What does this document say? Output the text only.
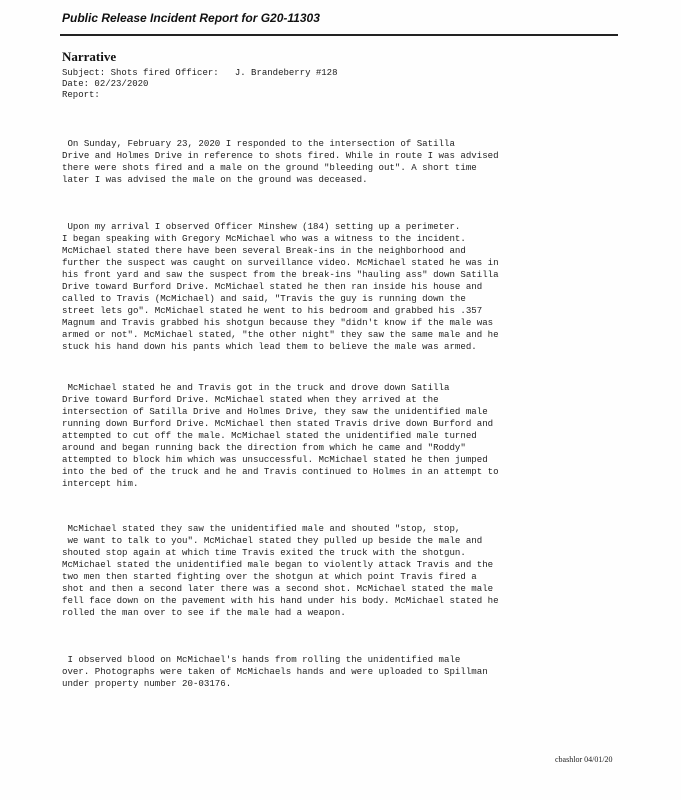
Public Release Incident Report for G20-11303
Narrative
Subject: Shots fired Officer: J. Brandeberry #128
Date: 02/23/2020
Report:
On Sunday, February 23, 2020 I responded to the intersection of Satilla
Drive and Holmes Drive in reference to shots fired. While in route I was advised
there were shots fired and a male on the ground "bleeding out". A short time
later I was advised the male on the ground was deceased.
Upon my arrival I observed Officer Minshew (184) setting up a perimeter.
I began speaking with Gregory McMichael who was a witness to the incident.
McMichael stated there have been several Break-ins in the neighborhood and
further the suspect was caught on surveillance video. McMichael stated he was in
his front yard and saw the suspect from the break-ins "hauling ass" down Satilla
Drive toward Burford Drive. McMichael stated he then ran inside his house and
called to Travis (McMichael) and said, "Travis the guy is running down the
street lets go". McMichael stated he went to his bedroom and grabbed his .357
Magnum and Travis grabbed his shotgun because they "didn't know if the male was
armed or not". McMichael stated, "the other night" they saw the same male and he
stuck his hand down his pants which lead them to believe the male was armed.
McMichael stated he and Travis got in the truck and drove down Satilla
Drive toward Burford Drive. McMichael stated when they arrived at the
intersection of Satilla Drive and Holmes Drive, they saw the unidentified male
running down Burford Drive. McMichael then stated Travis drive down Burford and
attempted to cut off the male. McMichael stated the unidentified male turned
around and began running back the direction from which he came and "Roddy"
attempted to block him which was unsuccessful. McMichael stated he then jumped
into the bed of the truck and he and Travis continued to Holmes in an attempt to
intercept him.
McMichael stated they saw the unidentified male and shouted "stop, stop,
we want to talk to you". McMichael stated they pulled up beside the male and
shouted stop again at which time Travis exited the truck with the shotgun.
McMichael stated the unidentified male began to violently attack Travis and the
two men then started fighting over the shotgun at which point Travis fired a
shot and then a second later there was a second shot. McMichael stated the male
fell face down on the pavement with his hand under his body. McMichael stated he
rolled the man over to see if the male had a weapon.
I observed blood on McMichael's hands from rolling the unidentified male
over. Photographs were taken of McMichaels hands and were uploaded to Spillman
under property number 20-03176.
cbashlor 04/01/20
